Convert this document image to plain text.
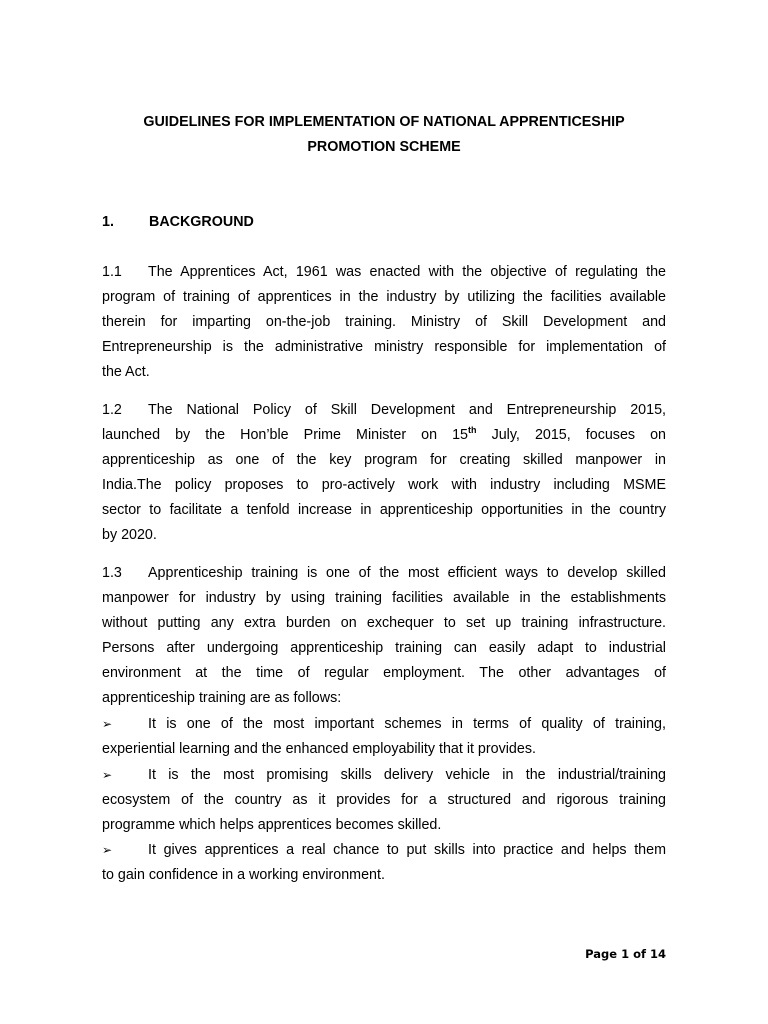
GUIDELINES FOR IMPLEMENTATION OF NATIONAL APPRENTICESHIP
PROMOTION SCHEME
1. BACKGROUND
1.1 The Apprentices Act, 1961 was enacted with the objective of regulating the
program of training of apprentices in the industry by utilizing the facilities available
therein for imparting on-the-job training. Ministry of Skill Development and
Entrepreneurship is the administrative ministry responsible for implementation of
the Act.
1.2 The National Policy of Skill Development and Entrepreneurship 2015,
launched by the Hon’ble Prime Minister on 15th July, 2015, focuses on
apprenticeship as one of the key program for creating skilled manpower in
India.The policy proposes to pro-actively work with industry including MSME
sector to facilitate a tenfold increase in apprenticeship opportunities in the country
by 2020.
1.3 Apprenticeship training is one of the most efficient ways to develop skilled
manpower for industry by using training facilities available in the establishments
without putting any extra burden on exchequer to set up training infrastructure.
Persons after undergoing apprenticeship training can easily adapt to industrial
environment at the time of regular employment. The other advantages of
apprenticeship training are as follows:
➢	It is one of the most important schemes in terms of quality of training,
experiential learning and the enhanced employability that it provides.
➢	It is the most promising skills delivery vehicle in the industrial/training
ecosystem of the country as it provides for a structured and rigorous training
programme which helps apprentices becomes skilled.
➢	It gives apprentices a real chance to put skills into practice and helps them
to gain confidence in a working environment.
Page 1 of 14
